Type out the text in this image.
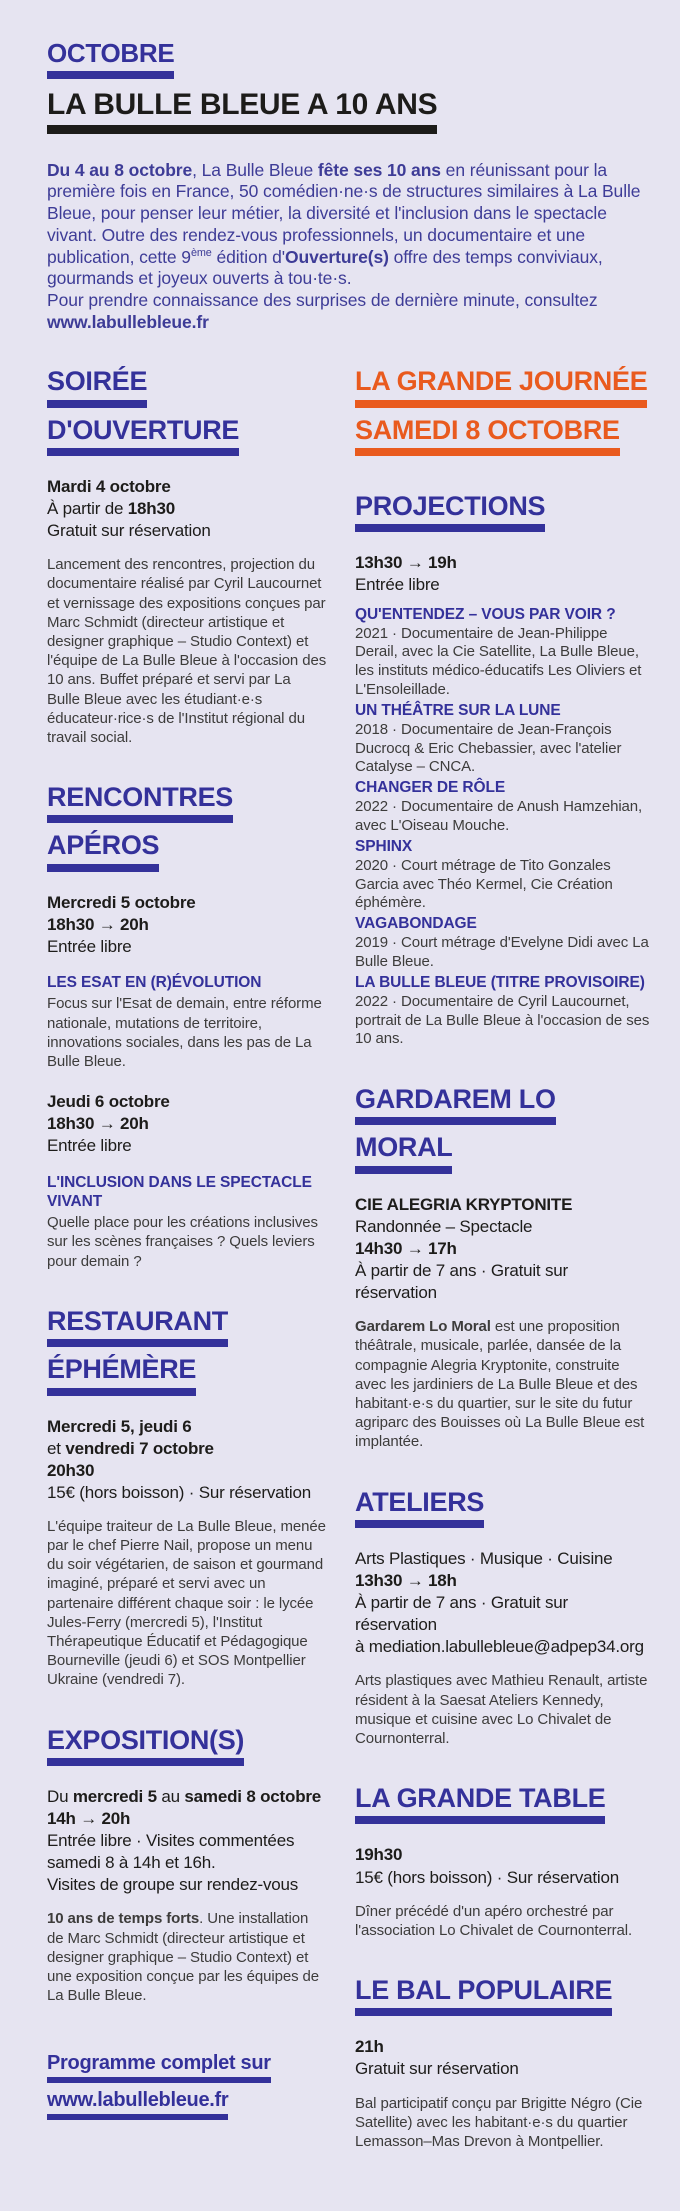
OCTOBRE
LA BULLE BLEUE A 10 ANS

Du 4 au 8 octobre, La Bulle Bleue fête ses 10 ans en réunissant pour la première fois en France, 50 comédien·ne·s de structures similaires à La Bulle Bleue, pour penser leur métier, la diversité et l'inclusion dans le spectacle vivant. Outre des rendez-vous professionnels, un documentaire et une publication, cette 9ème édition d'Ouverture(s) offre des temps conviviaux, gourmands et joyeux ouverts à tou·te·s.

Pour prendre connaissance des surprises de dernière minute, consultez www.labullebleue.fr

SOIRÉE
D'OUVERTURE
Mardi 4 octobre
À partir de 18h30
Gratuit sur réservation

Lancement des rencontres, projection du documentaire réalisé par Cyril Laucournet et vernissage des expositions conçues par Marc Schmidt (directeur artistique et designer graphique – Studio Context) et l'équipe de La Bulle Bleue à l'occasion des 10 ans. Buffet préparé et servi par La Bulle Bleue avec les étudiant·e·s éducateur·rice·s de l'Institut régional du travail social.

RENCONTRES
APÉROS
Mercredi 5 octobre
18h30 → 20h
Entrée libre
LES ESAT EN (R)ÉVOLUTION

Focus sur l'Esat de demain, entre réforme nationale, mutations de territoire, innovations sociales, dans les pas de La Bulle Bleue.

Jeudi 6 octobre
18h30 → 20h
Entrée libre
L'INCLUSION DANS LE SPECTACLE VIVANT

Quelle place pour les créations inclusives sur les scènes françaises ? Quels leviers pour demain ?

RESTAURANT
ÉPHÉMÈRE
Mercredi 5, jeudi 6
et vendredi 7 octobre
20h30
15€ (hors boisson) · Sur réservation

L'équipe traiteur de La Bulle Bleue, menée par le chef Pierre Nail, propose un menu du soir végétarien, de saison et gourmand imaginé, préparé et servi avec un partenaire différent chaque soir : le lycée Jules-Ferry (mercredi 5), l'Institut Thérapeutique Éducatif et Pédagogique Bourneville (jeudi 6) et SOS Montpellier Ukraine (vendredi 7).

EXPOSITION(S)
Du mercredi 5 au samedi 8 octobre
14h → 20h
Entrée libre · Visites commentées
samedi 8 à 14h et 16h.
Visites de groupe sur rendez-vous

10 ans de temps forts. Une installation de Marc Schmidt (directeur artistique et designer graphique – Studio Context) et une exposition conçue par les équipes de La Bulle Bleue.

Programme complet sur
www.labullebleue.fr
LA GRANDE JOURNÉE
SAMEDI 8 OCTOBRE
PROJECTIONS
13h30 → 19h
Entrée libre
QU'ENTENDEZ – VOUS PAR VOIR ?

2021 · Documentaire de Jean-Philippe Derail, avec la Cie Satellite, La Bulle Bleue, les instituts médico-éducatifs Les Oliviers et L'Ensoleillade.

UN THÉÂTRE SUR LA LUNE

2018 · Documentaire de Jean-François Ducrocq & Eric Chebassier, avec l'atelier Catalyse – CNCA.

CHANGER DE RÔLE

2022 · Documentaire de Anush Hamzehian, avec L'Oiseau Mouche.

SPHINX

2020 · Court métrage de Tito Gonzales Garcia avec Théo Kermel, Cie Création éphémère.

VAGABONDAGE

2019 · Court métrage d'Evelyne Didi avec La Bulle Bleue.

LA BULLE BLEUE (TITRE PROVISOIRE)

2022 · Documentaire de Cyril Laucournet, portrait de La Bulle Bleue à l'occasion de ses 10 ans.

GARDAREM LO
MORAL
CIE ALEGRIA KRYPTONITE
Randonnée – Spectacle
14h30 → 17h
À partir de 7 ans · Gratuit sur réservation

Gardarem Lo Moral est une proposition théâtrale, musicale, parlée, dansée de la compagnie Alegria Kryptonite, construite avec les jardiniers de La Bulle Bleue et des habitant·e·s du quartier, sur le site du futur agriparc des Bouisses où La Bulle Bleue est implantée.

ATELIERS
Arts Plastiques · Musique · Cuisine
13h30 → 18h
À partir de 7 ans · Gratuit sur réservation
à mediation.labullebleue@adpep34.org

Arts plastiques avec Mathieu Renault, artiste résident à la Saesat Ateliers Kennedy, musique et cuisine avec Lo Chivalet de Cournonterral.

LA GRANDE TABLE
19h30
15€ (hors boisson) · Sur réservation

Dîner précédé d'un apéro orchestré par l'association Lo Chivalet de Cournonterral.

LE BAL POPULAIRE
21h
Gratuit sur réservation

Bal participatif conçu par Brigitte Négro (Cie Satellite) avec les habitant·e·s du quartier Lemasson–Mas Drevon à Montpellier.
